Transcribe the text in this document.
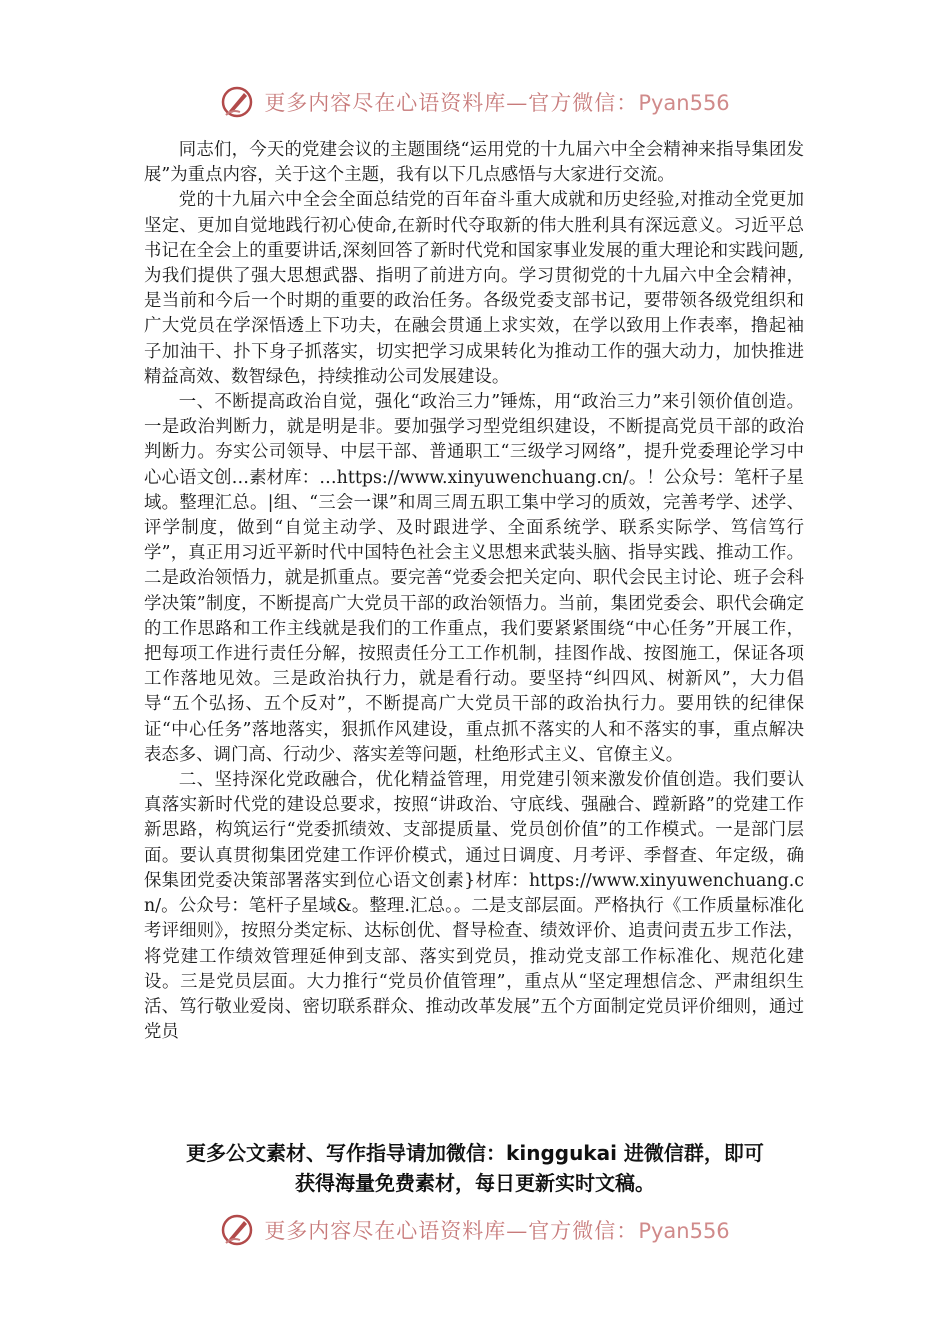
更多内容尽在心语资料库—官方微信：Pyan556

同志们，今天的党建会议的主题围绕“运用党的十九届六中全会精神来指导集团发展”为重点内容，关于这个主题，我有以下几点感悟与大家进行交流。

党的十九届六中全会全面总结党的百年奋斗重大成就和历史经验,对推动全党更加坚定、更加自觉地践行初心使命,在新时代夺取新的伟大胜利具有深远意义。习近平总书记在全会上的重要讲话,深刻回答了新时代党和国家事业发展的重大理论和实践问题,为我们提供了强大思想武器、指明了前进方向。学习贯彻党的十九届六中全会精神，是当前和今后一个时期的重要的政治任务。各级党委支部书记，要带领各级党组织和广大党员在学深悟透上下功夫，在融会贯通上求实效，在学以致用上作表率，撸起袖子加油干、扑下身子抓落实，切实把学习成果转化为推动工作的强大动力，加快推进精益高效、数智绿色，持续推动公司发展建设。

一、不断提高政治自觉，强化“政治三力”锤炼，用“政治三力”来引领价值创造。一是政治判断力，就是明是非。要加强学习型党组织建设，不断提高党员干部的政治判断力。夯实公司领导、中层干部、普通职工“三级学习网络”，提升党委理论学习中心心语文创…素材库：…https://www.xinyuwenchuang.cn/。！公众号：笔杆子星域。整理汇总。|组、“三会一课”和周三周五职工集中学习的质效，完善考学、述学、评学制度，做到“自觉主动学、及时跟进学、全面系统学、联系实际学、笃信笃行学”，真正用习近平新时代中国特色社会主义思想来武装头脑、指导实践、推动工作。二是政治领悟力，就是抓重点。要完善“党委会把关定向、职代会民主讨论、班子会科学决策”制度，不断提高广大党员干部的政治领悟力。当前，集团党委会、职代会确定的工作思路和工作主线就是我们的工作重点，我们要紧紧围绕“中心任务”开展工作，把每项工作进行责任分解，按照责任分工工作机制，挂图作战、按图施工，保证各项工作落地见效。三是政治执行力，就是看行动。要坚持“纠四风、树新风”，大力倡导“五个弘扬、五个反对”，不断提高广大党员干部的政治执行力。要用铁的纪律保证“中心任务”落地落实，狠抓作风建设，重点抓不落实的人和不落实的事，重点解决表态多、调门高、行动少、落实差等问题，杜绝形式主义、官僚主义。

二、坚持深化党政融合，优化精益管理，用党建引领来激发价值创造。我们要认真落实新时代党的建设总要求，按照“讲政治、守底线、强融合、蹚新路”的党建工作新思路，构筑运行“党委抓绩效、支部提质量、党员创价值”的工作模式。一是部门层面。要认真贯彻集团党建工作评价模式，通过日调度、月考评、季督查、年定级，确保集团党委决策部署落实到位心语文创素}材库：https://www.xinyuwenchuang.cn/。公众号：笔杆子星域&。整理.汇总。。二是支部层面。严格执行《工作质量标准化考评细则》，按照分类定标、达标创优、督导检查、绩效评价、追责问责五步工作法，将党建工作绩效管理延伸到支部、落实到党员，推动党支部工作标准化、规范化建设。三是党员层面。大力推行“党员价值管理”，重点从“坚定理想信念、严肃组织生活、笃行敬业爱岗、密切联系群众、推动改革发展”五个方面制定党员评价细则，通过党员

更多公文素材、写作指导请加微信：kinggukai 进微信群，即可
获得海量免费素材，每日更新实时文稿。
更多内容尽在心语资料库—官方微信：Pyan556
